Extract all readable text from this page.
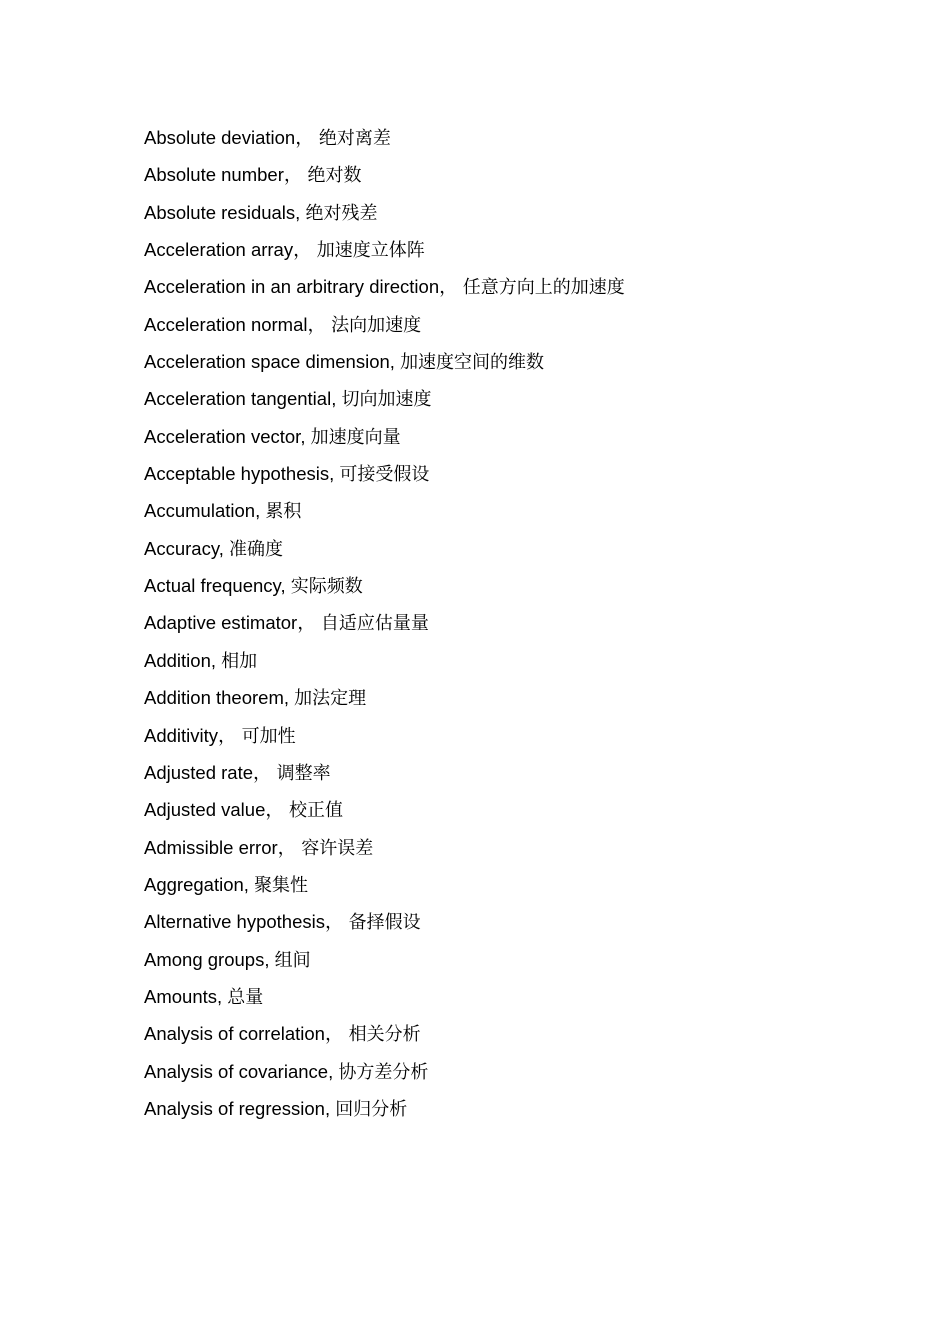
Absolute deviation， 绝对离差
Absolute number， 绝对数
Absolute residuals, 绝对残差
Acceleration array， 加速度立体阵
Acceleration in an arbitrary direction， 任意方向上的加速度
Acceleration normal， 法向加速度
Acceleration space dimension, 加速度空间的维数
Acceleration tangential, 切向加速度
Acceleration vector, 加速度向量
Acceptable hypothesis, 可接受假设
Accumulation, 累积
Accuracy, 准确度
Actual frequency, 实际频数
Adaptive estimator， 自适应估量量
Addition, 相加
Addition theorem, 加法定理
Additivity， 可加性
Adjusted rate， 调整率
Adjusted value， 校正值
Admissible error， 容许误差
Aggregation, 聚集性
Alternative hypothesis， 备择假设
Among groups, 组间
Amounts, 总量
Analysis of correlation， 相关分析
Analysis of covariance, 协方差分析
Analysis of regression, 回归分析
